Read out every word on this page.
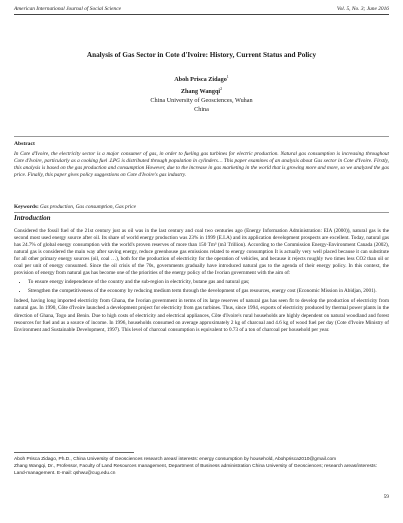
American International Journal of Social Science	Vol. 5, No. 3; June 2016
Analysis of Gas Sector in Cote d'Ivoire: History, Current Status and Policy
Aboh Prisca Zidago$^1$
Zhang Wangqi$^2$
China University of Geosciences, Wuhan
China
Abstract

In Cote d'Ivoire, the electricity sector is a major consumer of gas, in order to fueling gas turbines for electric production. Natural gas consumption is increasing throughout Cote d'Ivoire, particularly as a cooking fuel .LPG is distributed through population in cylinders… This paper examines of an analysis about Gas sector in Cote d'Ivoire. Firstly, this analysis is based on the gas production and consumption However, due to the increase in gas marketing in the world that is growing more and more, so we analyzed the gas price. Finally, this paper gives policy suggestions on Cote d'Ivoire's gas industry.

Keywords: Gas production, Gas consumption, Gas price
Introduction

Considered the fossil fuel of the 21st century just as oil was in the last century and coal two centuries ago (Energy Information Administration: EIA (2000)), natural gas is the second most used energy source after oil. Its share of world energy production was 23% in 1999 (E.I.A) and its application development prospects are excellent. Today, natural gas has 24.7% of global energy consumption with the world's proven reserves of more than 150 Tm³ (m3 Trillion). According to the Commission Energy-Environment Canada (2002), natural gas is considered the main way after saving energy, reduce greenhouse gas emissions related to energy consumption It is actually very well placed because it can substitute for all other primary energy sources (oil, coal …), both for the production of electricity for the operation of vehicles, and because it rejects roughly two times less CO2 than oil or coal per unit of energy consumed. Since the oil crisis of the 70s, governments gradually have introduced natural gas to the agenda of their energy policy. In this context, the provision of energy from natural gas has become one of the priorities of the energy policy of the Ivorian government with the aim of:

• To ensure energy independence of the country and the sub-region in electricity, butane gas and natural gas;
• Strengthen the competitiveness of the economy by reducing medium term through the development of gas resources, energy cost (Economic Mission in Abidjan, 2001).

Indeed, having long imported electricity from Ghana, the Ivorian government in terms of its large reserves of natural gas has seen fit to develop the production of electricity from natural gas. In 1990, Côte d'Ivoire launched a development project for electricity from gas turbines. Thus, since 1994, exports of electricity produced by thermal power plants in the direction of Ghana, Togo and Benin. Due to high costs of electricity and electrical appliances, Côte d'Ivoire's rural households are highly dependent on natural woodland and forest resources for fuel and as a source of income. In 1996, households consumed on average approximately 2 kg of charcoal and 4.6 kg of wood fuel per day (Cote d'Ivoire Ministry of Environment and Sustainable Development, 1997). This level of charcoal consumption is equivalent to 0.73 of a ton of charcoal per household per year.

Aboh Prisca Zidago, Ph.D., China University of Geosciences research areas/ interests: energy consumption by household, Abohprisca2010@gmail.com
Zhang Wangqi, Dr., Professor, Faculty of Land Resources management, Department of Business administration China University of Geosciences; research areas/interests: Land-management. E-mail: qshwu@cug.edu.cn
59
